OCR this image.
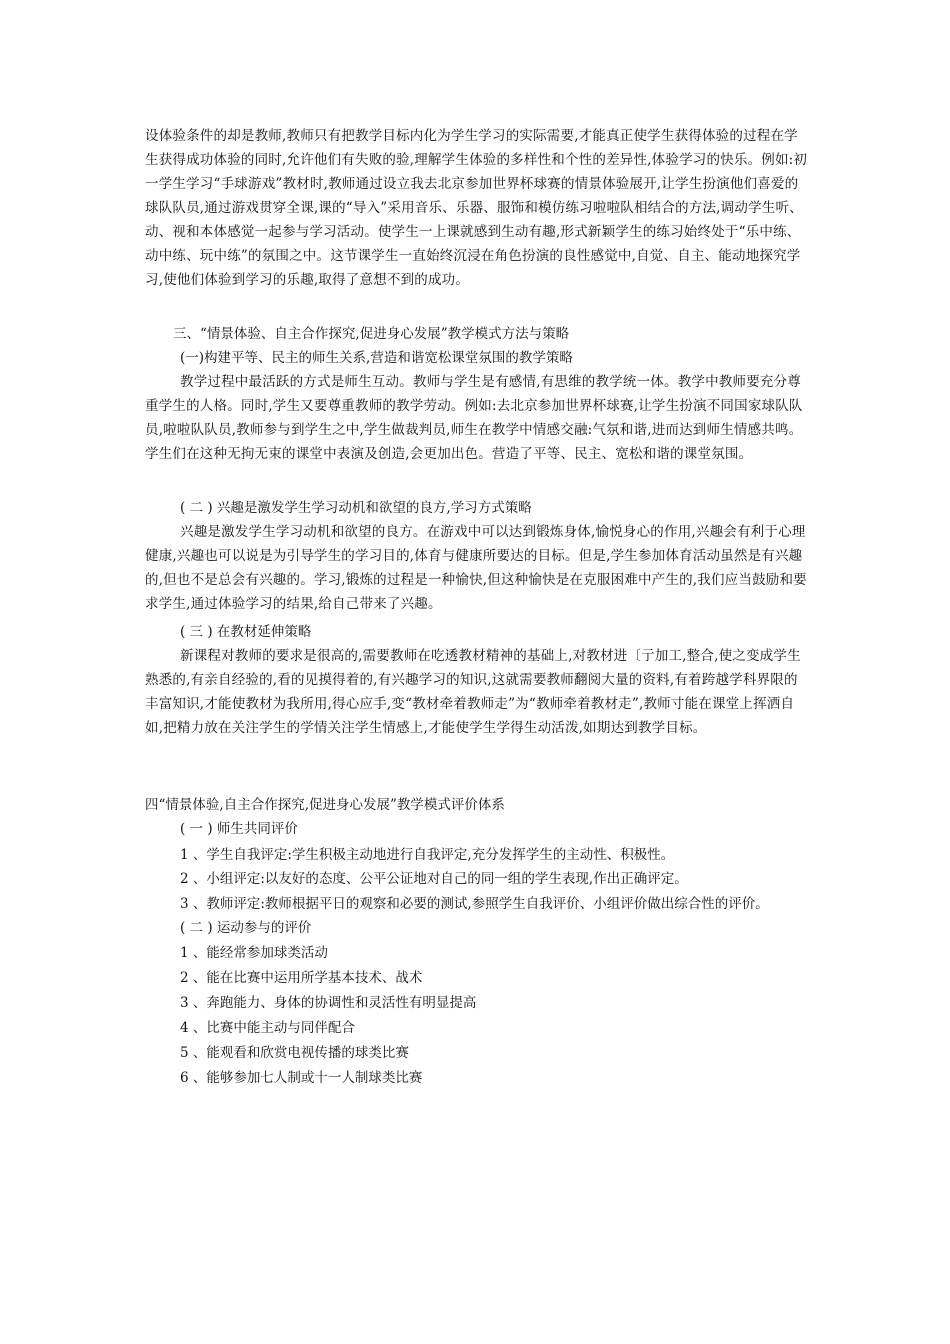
设体验条件的却是教师,教师只有把教学目标内化为学生学习的实际需要,才能真正使学生获得体验的过程在学生获得成功体验的同时,允许他们有失败的验,理解学生体验的多样性和个性的差异性,体验学习的快乐。例如:初一学生学习“手球游戏”教材时,教师通过设立我去北京参加世界杯球赛的情景体验展开,让学生扮演他们喜爱的球队队员,通过游戏贯穿全课,课的“导入”采用音乐、乐器、服饰和模仿练习啦啦队相结合的方法,调动学生听、动、视和本体感觉一起参与学习活动。使学生一上课就感到生动有趣,形式新颖学生的练习始终处于“乐中练、动中练、玩中练”的氛围之中。这节课学生一直始终沉浸在角色扮演的良性感觉中,自觉、自主、能动地探究学习,使他们体验到学习的乐趣,取得了意想不到的成功。

三、“情景体验、自主合作探究,促进身心发展”教学模式方法与策略
(一)构建平等、民主的师生关系,营造和谐宽松课堂氛围的教学策略

教学过程中最活跃的方式是师生互动。教师与学生是有感情,有思维的教学统一体。教学中教师要充分尊重学生的人格。同时,学生又要尊重教师的教学劳动。例如:去北京参加世界杯球赛,让学生扮演不同国家球队队员,啦啦队队员,教师参与到学生之中,学生做裁判员,师生在教学中情感交融:气氛和谐,进而达到师生情感共鸣。学生们在这种无拘无束的课堂中表演及创造,会更加出色。营造了平等、民主、宽松和谐的课堂氛围。

( 二 ) 兴趣是激发学生学习动机和欲望的良方,学习方式策略

兴趣是激发学生学习动机和欲望的良方。在游戏中可以达到锻炼身体,愉悦身心的作用,兴趣会有利于心理健康,兴趣也可以说是为引导学生的学习目的,体育与健康所要达的目标。但是,学生参加体育活动虽然是有兴趣的,但也不是总会有兴趣的。学习,锻炼的过程是一种愉快,但这种愉快是在克服困难中产生的,我们应当鼓励和要求学生,通过体验学习的结果,给自己带来了兴趣。

( 三 ) 在教材延伸策略

新课程对教师的要求是很高的,需要教师在吃透教材精神的基础上,对教材进〔亍加工,整合,使之变成学生熟悉的,有亲自经验的,看的见摸得着的,有兴趣学习的知识,这就需要教师翻阅大量的资料,有着跨越学科界限的丰富知识,才能使教材为我所用,得心应手,变“教材牵着教师走”为“教师牵着教材走”,教师寸能在课堂上挥洒自如,把精力放在关注学生的学情关注学生情感上,才能使学生学得生动活泼,如期达到教学目标。

四“情景体验,自主合作探究,促进身心发展”教学模式评价体系
( 一 ) 师生共同评价
1 、学生自我评定:学生积极主动地进行自我评定,充分发挥学生的主动性、积极性。
2 、小组评定:以友好的态度、公平公证地对自己的同一组的学生表现,作出正确评定。
3 、教师评定:教师根据平日的观察和必要的测试,参照学生自我评价、小组评价做出综合性的评价。
( 二 ) 运动参与的评价
1 、能经常参加球类活动
2 、能在比赛中运用所学基本技术、战术
3 、奔跑能力、身体的协调性和灵活性有明显提高
4 、比赛中能主动与同伴配合
5 、能观看和欣赏电视传播的球类比赛
6 、能够参加七人制或十一人制球类比赛
